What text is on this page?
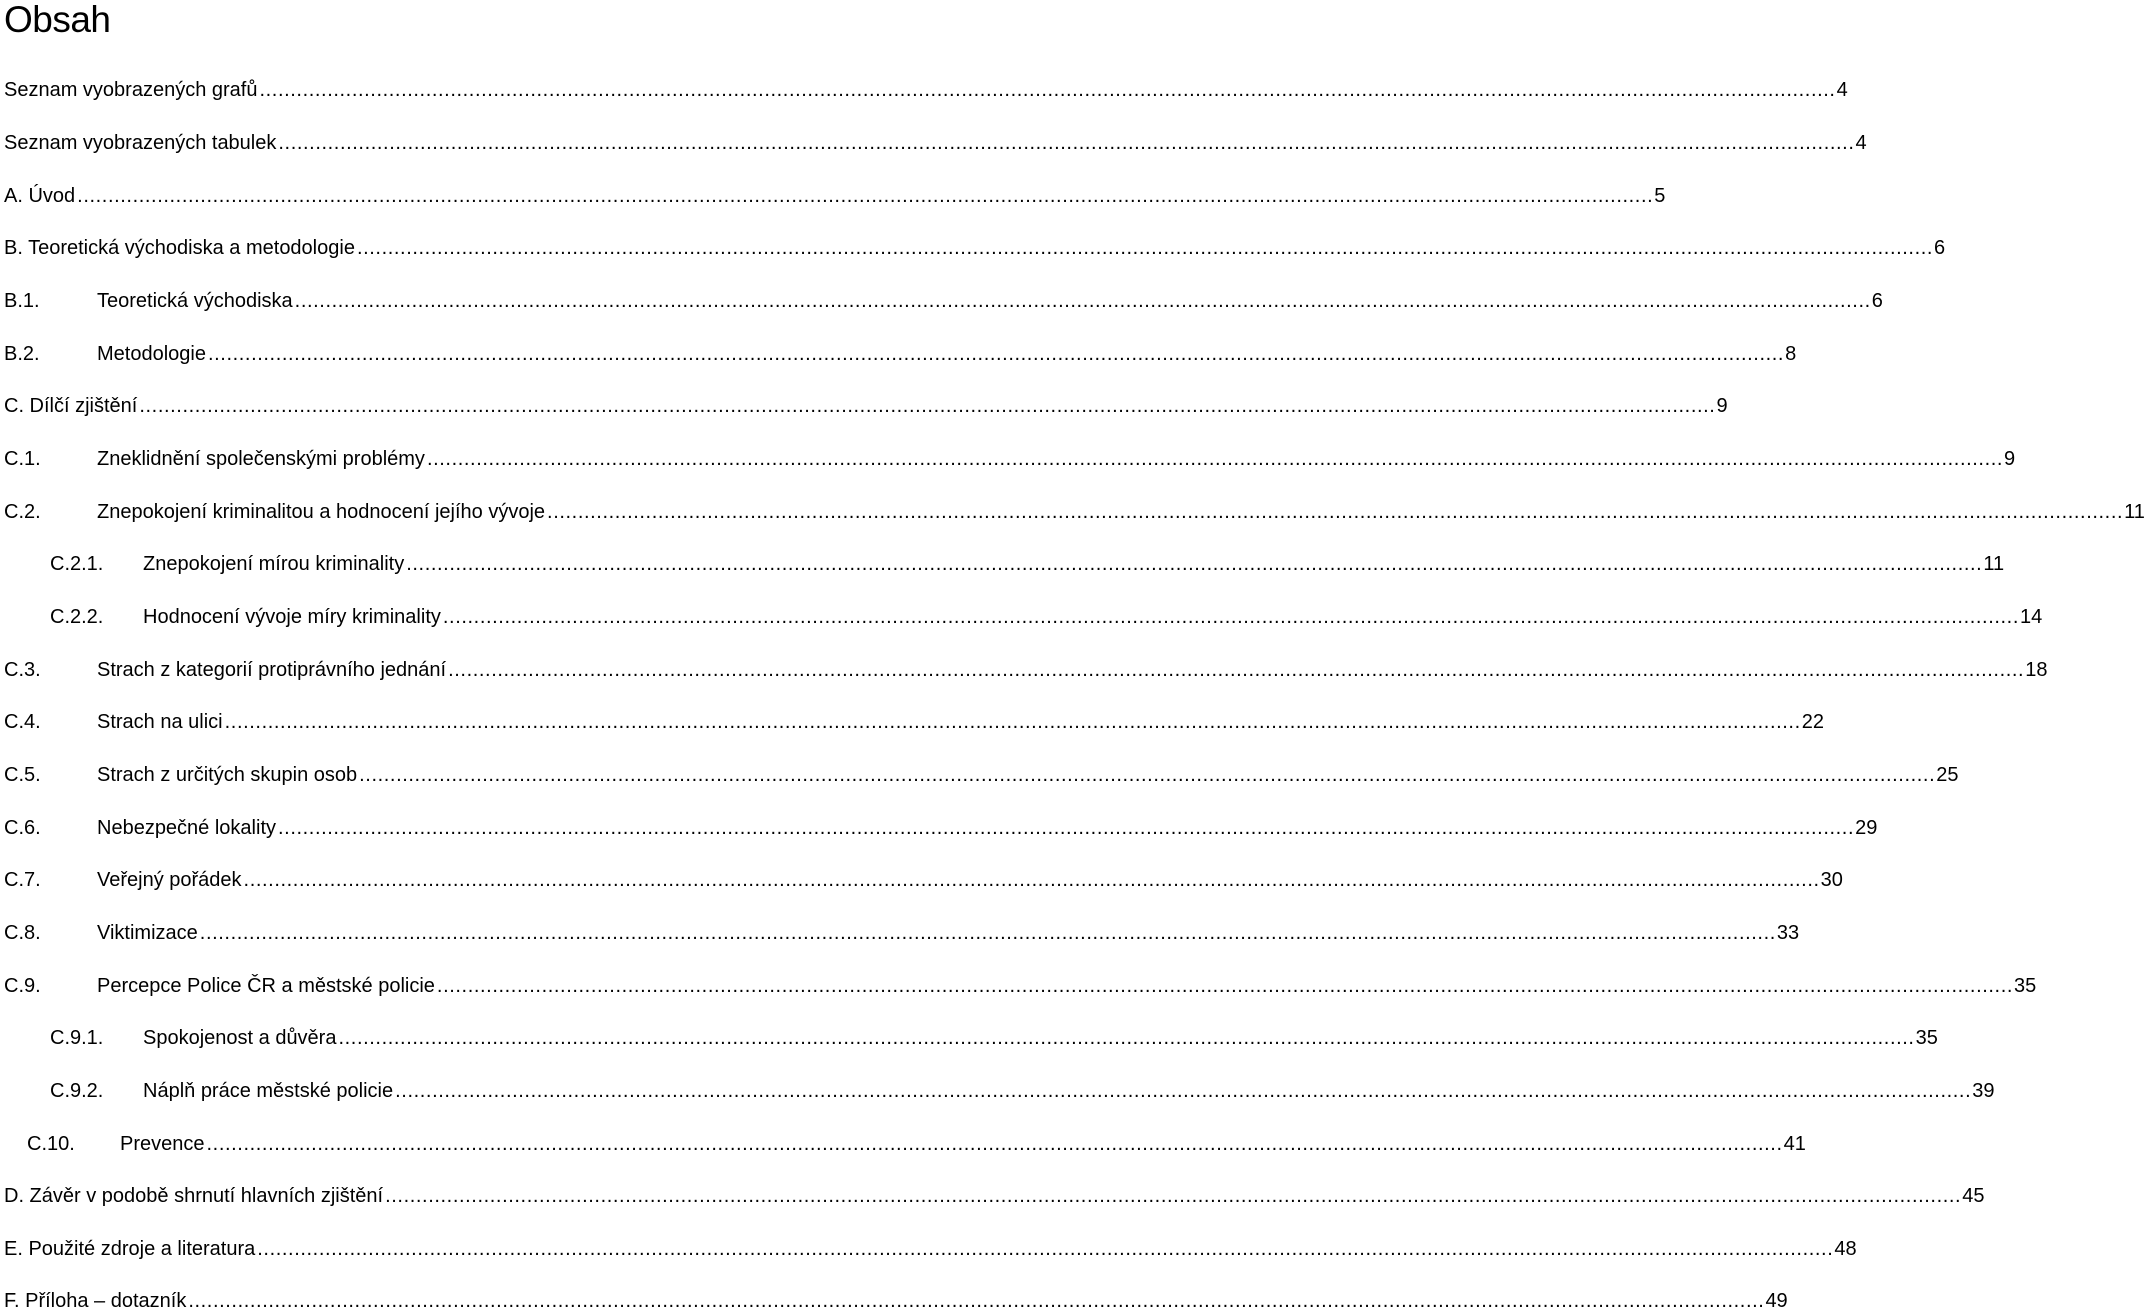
Obsah
Seznam vyobrazených grafů .....	4
Seznam vyobrazených tabulek .....	4
A. Úvod .....	5
B. Teoretická východiska a metodologie .....	6
B.1.	Teoretická východiska .....	6
B.2.	Metodologie .....	8
C. Dílčí zjištění .....	9
C.1.	Zneklidnění společenskými problémy .....	9
C.2.	Znepokojení kriminalitou a hodnocení jejího vývoje .....	11
C.2.1.	Znepokojení mírou kriminality .....	11
C.2.2.	Hodnocení vývoje míry kriminality .....	14
C.3.	Strach z kategorií protiprávního jednání .....	18
C.4.	Strach na ulici .....	22
C.5.	Strach z určitých skupin osob .....	25
C.6.	Nebezpečné lokality .....	29
C.7.	Veřejný pořádek .....	30
C.8.	Viktimizace .....	33
C.9.	Percepce Police ČR a městské policie .....	35
C.9.1.	Spokojenost a důvěra .....	35
C.9.2.	Náplň práce městské policie .....	39
C.10.	Prevence .....	41
D. Závěr v podobě shrnutí hlavních zjištění .....	45
E. Použité zdroje a literatura .....	48
F. Příloha – dotazník .....	49
